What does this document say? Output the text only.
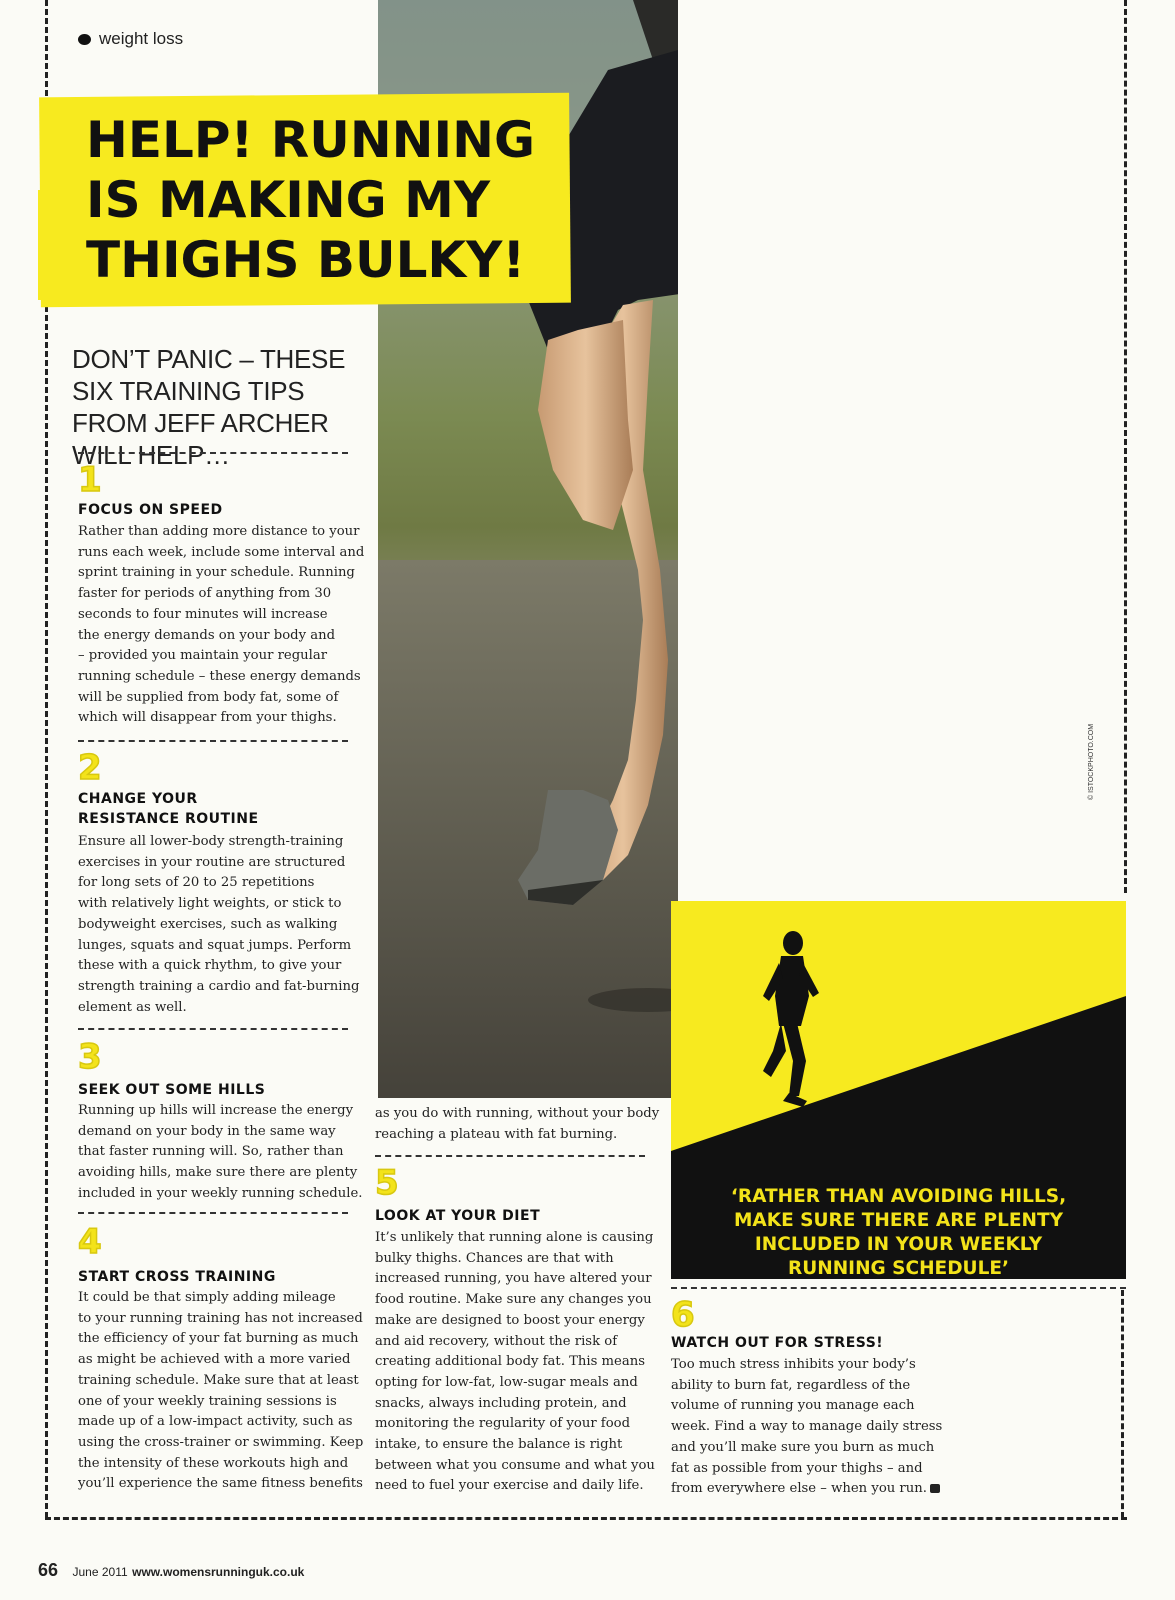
weight loss
HELP! RUNNING
IS MAKING MY
THIGHS BULKY!
DON’T PANIC – THESE SIX TRAINING TIPS FROM JEFF ARCHER WILL HELP…
1
FOCUS ON SPEED
Rather than adding more distance to your
runs each week, include some interval and
sprint training in your schedule. Running
faster for periods of anything from 30
seconds to four minutes will increase
the energy demands on your body and
– provided you maintain your regular
running schedule – these energy demands
will be supplied from body fat, some of
which will disappear from your thighs.
2
CHANGE YOUR
RESISTANCE ROUTINE
Ensure all lower-body strength-training
exercises in your routine are structured
for long sets of 20 to 25 repetitions
with relatively light weights, or stick to
bodyweight exercises, such as walking
lunges, squats and squat jumps. Perform
these with a quick rhythm, to give your
strength training a cardio and fat-burning
element as well.
3
SEEK OUT SOME HILLS
Running up hills will increase the energy
demand on your body in the same way
that faster running will. So, rather than
avoiding hills, make sure there are plenty
included in your weekly running schedule.
4
START CROSS TRAINING
It could be that simply adding mileage
to your running training has not increased
the efficiency of your fat burning as much
as might be achieved with a more varied
training schedule. Make sure that at least
one of your weekly training sessions is
made up of a low-impact activity, such as
using the cross-trainer or swimming. Keep
the intensity of these workouts high and
you’ll experience the same fitness benefits
as you do with running, without your body
reaching a plateau with fat burning.
5
LOOK AT YOUR DIET
It’s unlikely that running alone is causing
bulky thighs. Chances are that with
increased running, you have altered your
food routine. Make sure any changes you
make are designed to boost your energy
and aid recovery, without the risk of
creating additional body fat. This means
opting for low-fat, low-sugar meals and
snacks, always including protein, and
monitoring the regularity of your food
intake, to ensure the balance is right
between what you consume and what you
need to fuel your exercise and daily life.
‘RATHER THAN AVOIDING HILLS,
MAKE SURE THERE ARE PLENTY
INCLUDED IN YOUR WEEKLY
RUNNING SCHEDULE’
© ISTOCKPHOTO.COM
6
WATCH OUT FOR STRESS!
Too much stress inhibits your body’s
ability to burn fat, regardless of the
volume of running you manage each
week. Find a way to manage daily stress
and you’ll make sure you burn as much
fat as possible from your thighs – and
from everywhere else – when you run.
66 June 2011 www.womensrunninguk.co.uk
